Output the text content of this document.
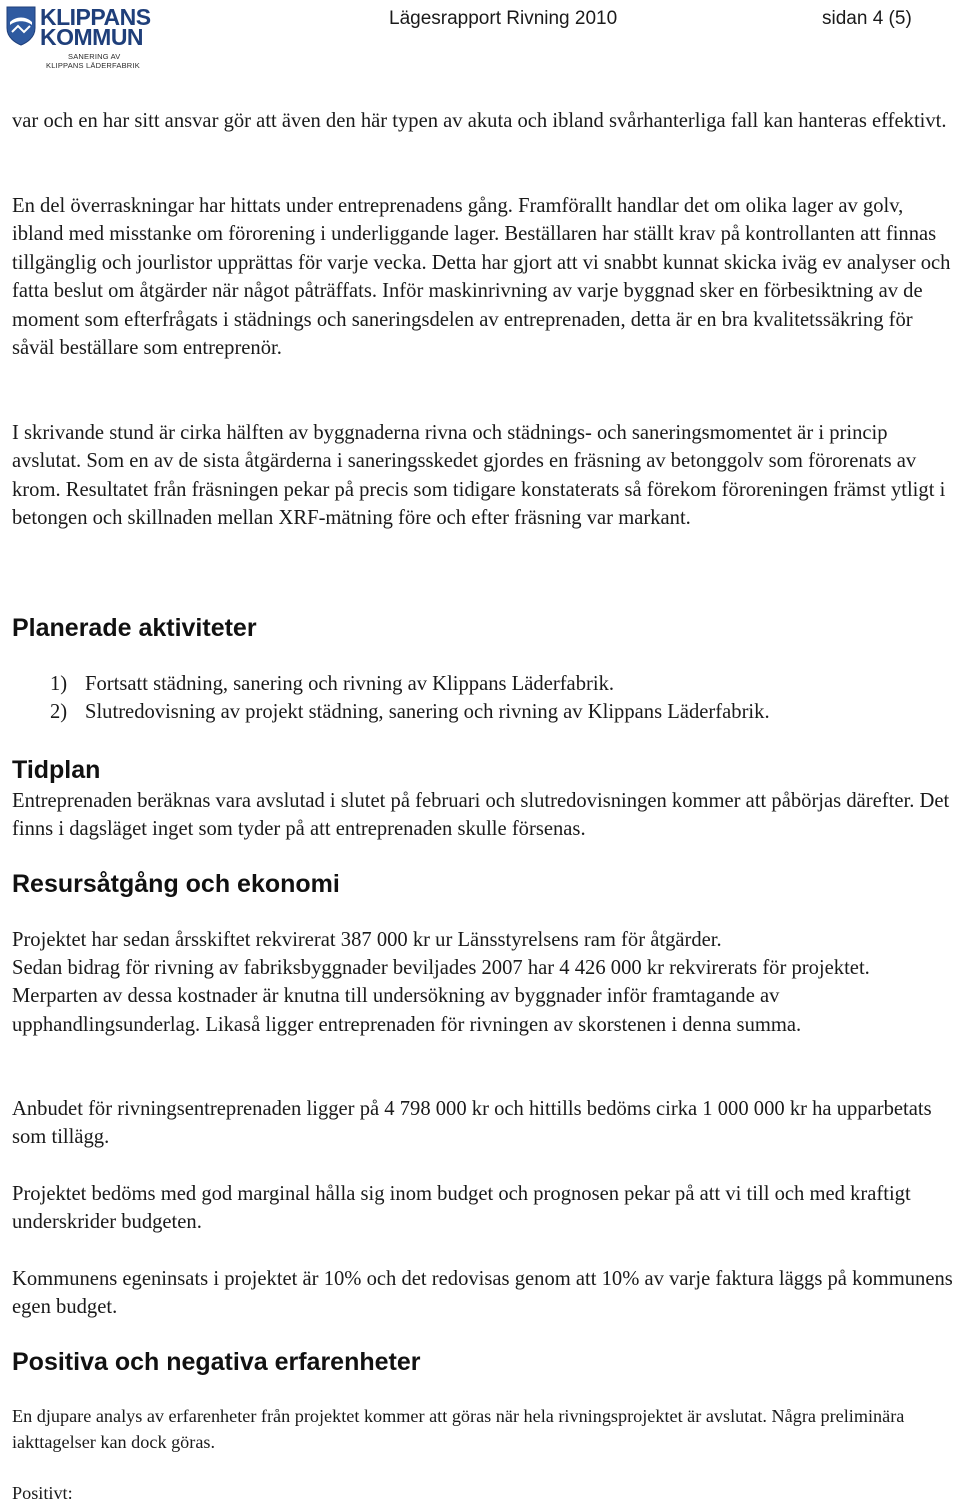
KLIPPANS
KOMMUN
SANERING AV
KLIPPANS LÄDERFABRIK
Lägesrapport Rivning 2010	sidan 4 (5)

var och en har sitt ansvar gör att även den här typen av akuta och ibland svårhanterliga fall kan hanteras effektivt.

En del överraskningar har hittats under entreprenadens gång. Framförallt handlar det om olika lager av golv, ibland med misstanke om förorening i underliggande lager. Beställaren har ställt krav på kontrollanten att finnas tillgänglig och jourlistor upprättas för varje vecka. Detta har gjort att vi snabbt kunnat skicka iväg ev analyser och fatta beslut om åtgärder när något påträffats. Inför maskinrivning av varje byggnad sker en förbesiktning av de moment som efterfrågats i städnings och saneringsdelen av entreprenaden, detta är en bra kvalitetssäkring för såväl beställare som entreprenör.

I skrivande stund är cirka hälften av byggnaderna rivna och städnings- och saneringsmomentet är i princip avslutat. Som en av de sista åtgärderna i saneringsskedet gjordes en fräsning av betonggolv som förorenats av krom. Resultatet från fräsningen pekar på precis som tidigare konstaterats så förekom föroreningen främst ytligt i betongen och skillnaden mellan XRF-mätning före och efter fräsning var markant.

Planerade aktiviteter
1) Fortsatt städning, sanering och rivning av Klippans Läderfabrik.
2) Slutredovisning av projekt städning, sanering och rivning av Klippans Läderfabrik.
Tidplan

Entreprenaden beräknas vara avslutad i slutet på februari och slutredovisningen kommer att påbörjas därefter. Det finns i dagsläget inget som tyder på att entreprenaden skulle försenas.

Resursåtgång och ekonomi

Projektet har sedan årsskiftet rekvirerat 387 000 kr ur Länsstyrelsens ram för åtgärder.

Sedan bidrag för rivning av fabriksbyggnader beviljades 2007 har 4 426 000 kr rekvirerats för projektet. Merparten av dessa kostnader är knutna till undersökning av byggnader inför framtagande av upphandlingsunderlag. Likaså ligger entreprenaden för rivningen av skorstenen i denna summa.

Anbudet för rivningsentreprenaden ligger på 4 798 000 kr och hittills bedöms cirka 1 000 000 kr ha upparbetats som tillägg.

Projektet bedöms med god marginal hålla sig inom budget och prognosen pekar på att vi till och med kraftigt underskrider budgeten.

Kommunens egeninsats i projektet är 10% och det redovisas genom att 10% av varje faktura läggs på kommunens egen budget.

Positiva och negativa erfarenheter

En djupare analys av erfarenheter från projektet kommer att göras när hela rivningsprojektet är avslutat. Några preliminära iakttagelser kan dock göras.

Positivt:
